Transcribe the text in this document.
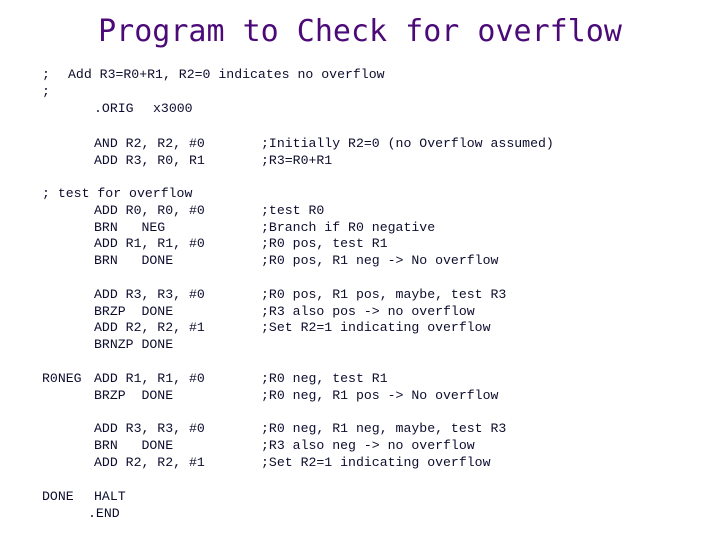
Program to Check for overflow
; Add R3=R0+R1, R2=0 indicates no overflow
;
.ORIG x3000
AND R2, R2, #0	;Initially R2=0 (no Overflow assumed)
ADD R3, R0, R1	;R3=R0+R1
; test for overflow
ADD R0, R0, #0	;test R0
BRN   NEG	;Branch if R0 negative
ADD R1, R1, #0	;R0 pos, test R1
BRN   DONE	;R0 pos, R1 neg -> No overflow
ADD R3, R3, #0	;R0 pos, R1 pos, maybe, test R3
BRZP  DONE	;R3 also pos -> no overflow
ADD R2, R2, #1	;Set R2=1 indicating overflow
BRNZP DONE
R0NEG ADD R1, R1, #0	;R0 neg, test R1
BRZP  DONE	;R0 neg, R1 pos -> No overflow
ADD R3, R3, #0	;R0 neg, R1 neg, maybe, test R3
BRN   DONE	;R3 also neg -> no overflow
ADD R2, R2, #1	;Set R2=1 indicating overflow
DONE HALT
.END
